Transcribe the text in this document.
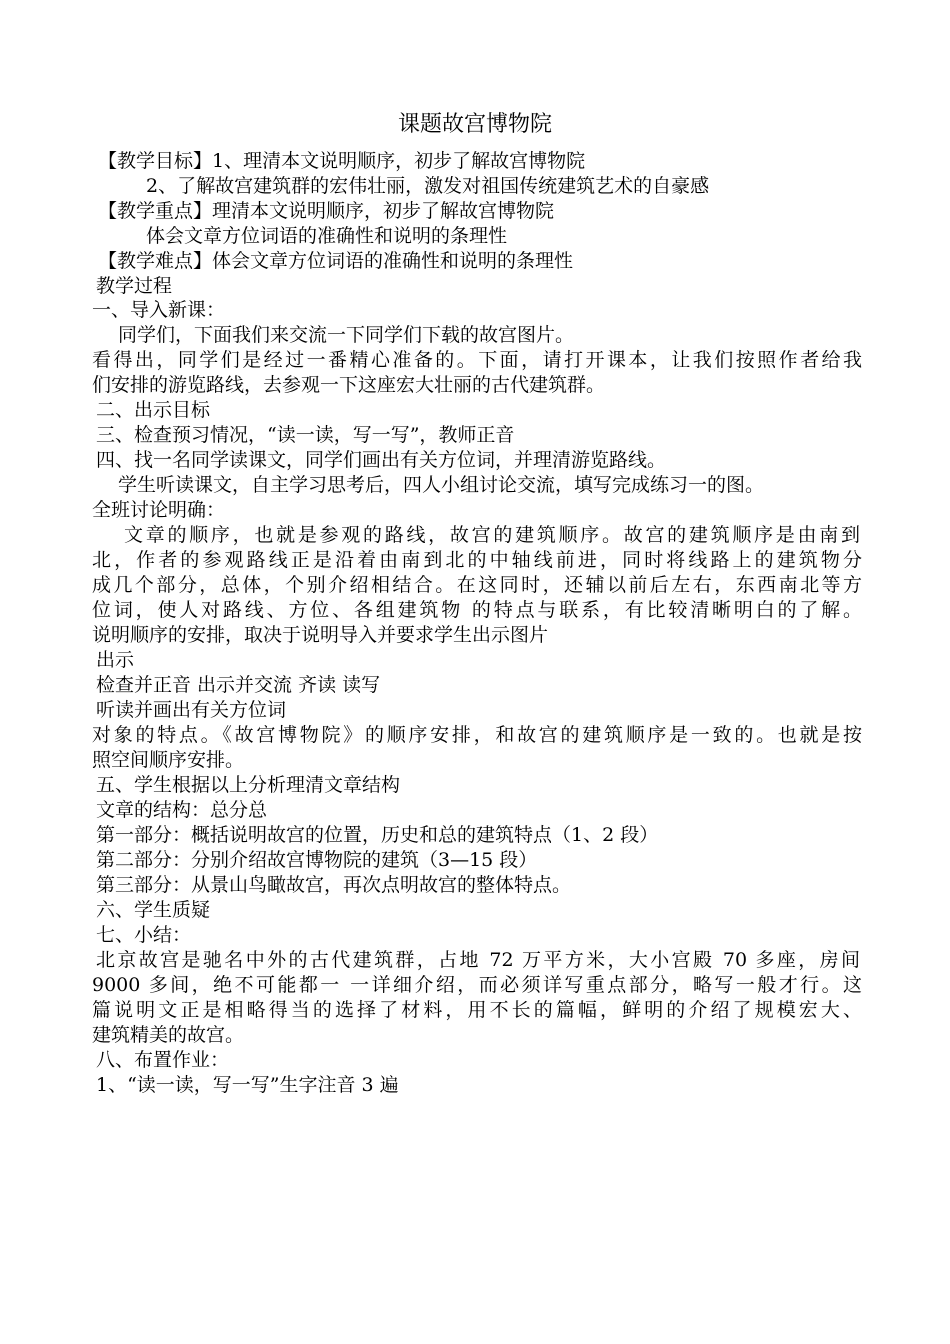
课题故宫博物院
【教学目标】1、理清本文说明顺序，初步了解故宫博物院
2、了解故宫建筑群的宏伟壮丽，激发对祖国传统建筑艺术的自豪感
【教学重点】理清本文说明顺序，初步了解故宫博物院
体会文章方位词语的准确性和说明的条理性
【教学难点】体会文章方位词语的准确性和说明的条理性
教学过程
一、导入新课：
同学们，下面我们来交流一下同学们下载的故宫图片。
看得出，同学们是经过一番精心准备的。下面，请打开课本，让我们按照作者给我
们安排的游览路线，去参观一下这座宏大壮丽的古代建筑群。
二、出示目标
三、检查预习情况，“读一读，写一写”，教师正音
四、找一名同学读课文，同学们画出有关方位词，并理清游览路线。
学生听读课文，自主学习思考后，四人小组讨论交流，填写完成练习一的图。
全班讨论明确：
文章的顺序，也就是参观的路线，故宫的建筑顺序。故宫的建筑顺序是由南到
北，作者的参观路线正是沿着由南到北的中轴线前进，同时将线路上的建筑物分
成几个部分，总体，个别介绍相结合。在这同时，还辅以前后左右，东西南北等方
位词，使人对路线、方位、各组建筑物 的特点与联系，有比较清晰明白的了解。
说明顺序的安排，取决于说明导入并要求学生出示图片
出示
检查并正音 出示并交流 齐读 读写
听读并画出有关方位词
对象的特点。《故宫博物院》的顺序安排，和故宫的建筑顺序是一致的。也就是按
照空间顺序安排。
五、学生根据以上分析理清文章结构
文章的结构：总分总
第一部分：概括说明故宫的位置，历史和总的建筑特点（1、2 段）
第二部分：分别介绍故宫博物院的建筑（3—15 段）
第三部分：从景山鸟瞰故宫，再次点明故宫的整体特点。
六、学生质疑
七、小结：
北京故宫是驰名中外的古代建筑群，占地 72 万平方米，大小宫殿 70 多座，房间
9000 多间，绝不可能都一 一详细介绍，而必须详写重点部分，略写一般才行。这
篇说明文正是相略得当的选择了材料，用不长的篇幅，鲜明的介绍了规模宏大、
建筑精美的故宫。
八、布置作业：
1、“读一读，写一写”生字注音 3 遍
